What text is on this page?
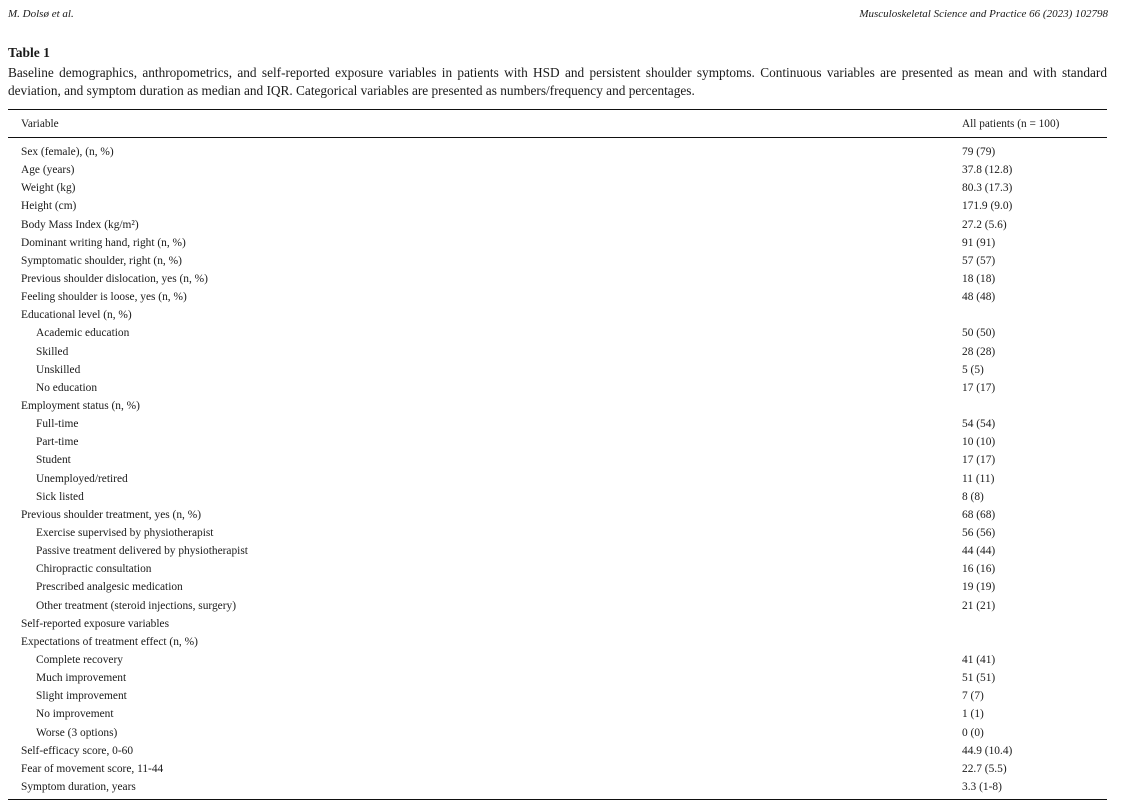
M. Dolsø et al.	Musculoskeletal Science and Practice 66 (2023) 102798
Table 1
Baseline demographics, anthropometrics, and self-reported exposure variables in patients with HSD and persistent shoulder symptoms. Continuous variables are presented as mean and with standard deviation, and symptom duration as median and IQR. Categorical variables are presented as numbers/frequency and percentages.
Variable	All patients (n = 100)
Sex (female), (n, %)	79 (79)
Age (years)	37.8 (12.8)
Weight (kg)	80.3 (17.3)
Height (cm)	171.9 (9.0)
Body Mass Index (kg/m²)	27.2 (5.6)
Dominant writing hand, right (n, %)	91 (91)
Symptomatic shoulder, right (n, %)	57 (57)
Previous shoulder dislocation, yes (n, %)	18 (18)
Feeling shoulder is loose, yes (n, %)	48 (48)
Educational level (n, %)
Academic education	50 (50)
Skilled	28 (28)
Unskilled	5 (5)
No education	17 (17)
Employment status (n, %)
Full-time	54 (54)
Part-time	10 (10)
Student	17 (17)
Unemployed/retired	11 (11)
Sick listed	8 (8)
Previous shoulder treatment, yes (n, %)	68 (68)
Exercise supervised by physiotherapist	56 (56)
Passive treatment delivered by physiotherapist	44 (44)
Chiropractic consultation	16 (16)
Prescribed analgesic medication	19 (19)
Other treatment (steroid injections, surgery)	21 (21)
Self-reported exposure variables
Expectations of treatment effect (n, %)
Complete recovery	41 (41)
Much improvement	51 (51)
Slight improvement	7 (7)
No improvement	1 (1)
Worse (3 options)	0 (0)
Self-efficacy score, 0-60	44.9 (10.4)
Fear of movement score, 11-44	22.7 (5.5)
Symptom duration, years	3.3 (1-8)
